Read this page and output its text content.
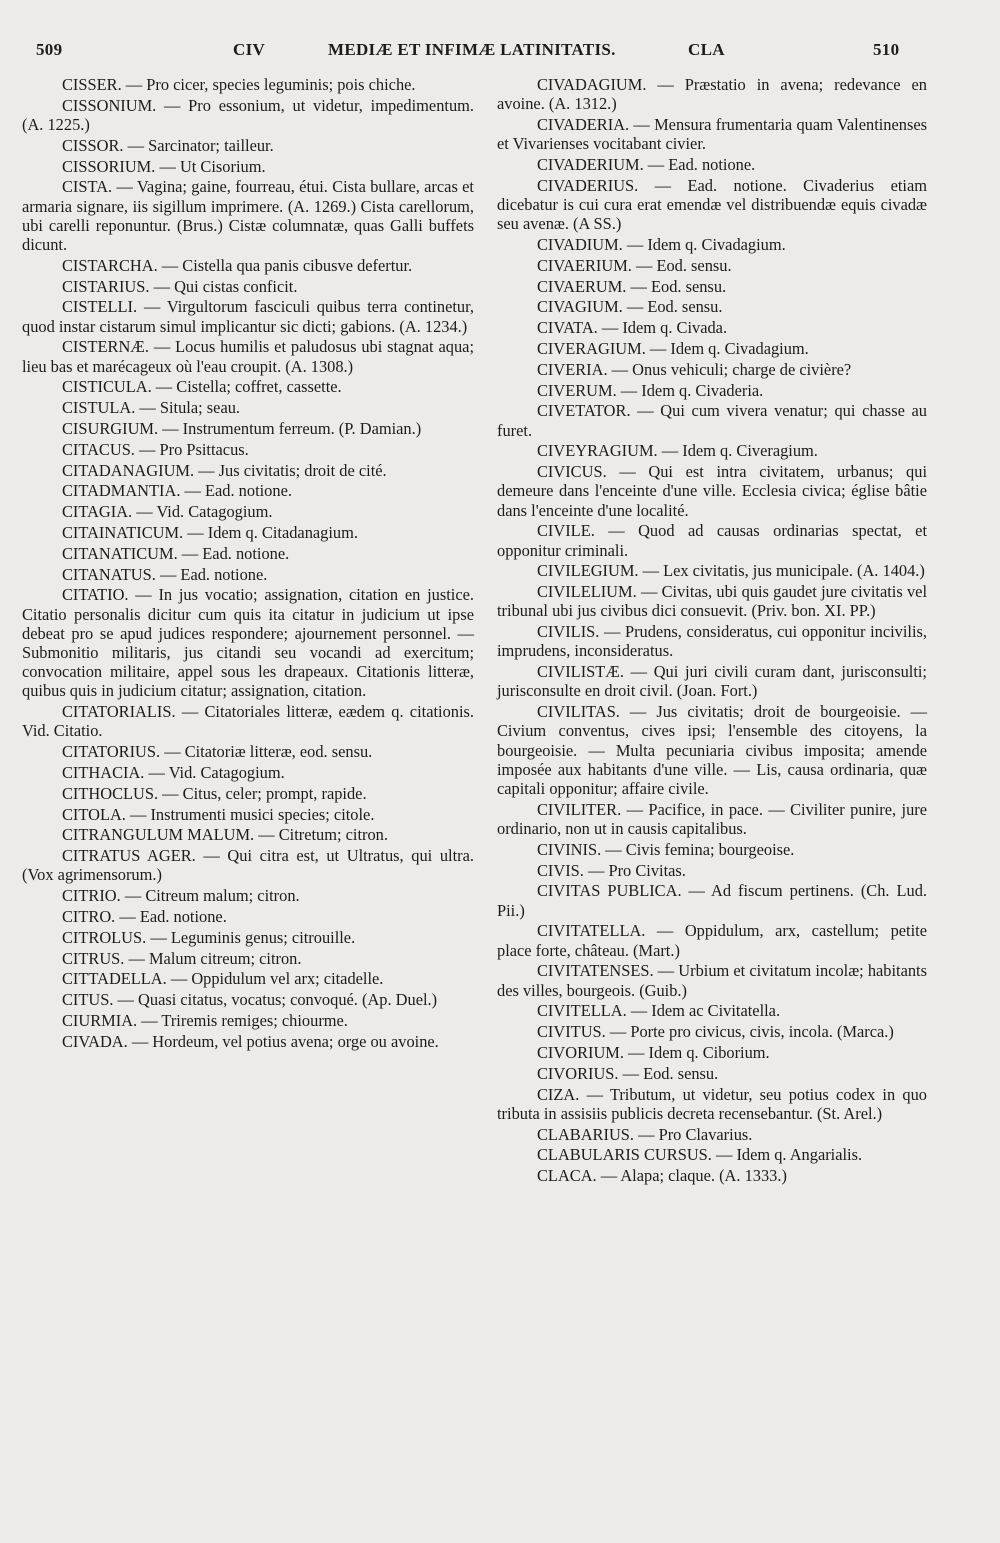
509	CIV	MEDIÆ ET INFIMÆ LATINITATIS.	CLA	510

CISSER. — Pro cicer, species leguminis; pois chiche.

CISSONIUM. — Pro essonium, ut videtur, impedimentum. (A. 1225.)

CISSOR. — Sarcinator; tailleur.

CISSORIUM. — Ut Cisorium.

CISTA. — Vagina; gaine, fourreau, étui. Cista bullare, arcas et armaria signare, iis sigillum imprimere. (A. 1269.) Cista carellorum, ubi carelli reponuntur. (Brus.) Cistæ columnatæ, quas Galli buffets dicunt.

CISTARCHA. — Cistella qua panis cibusve defertur.

CISTARIUS. — Qui cistas conficit.

CISTELLI. — Virgultorum fasciculi quibus terra continetur, quod instar cistarum simul implicantur sic dicti; gabions. (A. 1234.)

CISTERNÆ. — Locus humilis et paludosus ubi stagnat aqua; lieu bas et marécageux où l'eau croupit. (A. 1308.)

CISTICULA. — Cistella; coffret, cassette.

CISTULA. — Situla; seau.

CISURGIUM. — Instrumentum ferreum. (P. Damian.)

CITACUS. — Pro Psittacus.

CITADANAGIUM. — Jus civitatis; droit de cité.

CITADMANTIA. — Ead. notione.

CITAGIA. — Vid. Catagogium.

CITAINATICUM. — Idem q. Citadanagium.

CITANATICUM. — Ead. notione.

CITANATUS. — Ead. notione.

CITATIO. — In jus vocatio; assignation, citation en justice. Citatio personalis dicitur cum quis ita citatur in judicium ut ipse debeat pro se apud judices respondere; ajournement personnel. — Submonitio militaris, jus citandi seu vocandi ad exercitum; convocation militaire, appel sous les drapeaux. Citationis litteræ, quibus quis in judicium citatur; assignation, citation.

CITATORIALIS. — Citatoriales litteræ, eædem q. citationis. Vid. Citatio.

CITATORIUS. — Citatoriæ litteræ, eod. sensu.

CITHACIA. — Vid. Catagogium.

CITHOCLUS. — Citus, celer; prompt, rapide.

CITOLA. — Instrumenti musici species; citole.

CITRANGULUM MALUM. — Citretum; citron.

CITRATUS AGER. — Qui citra est, ut Ultratus, qui ultra. (Vox agrimensorum.)

CITRIO. — Citreum malum; citron.

CITRO. — Ead. notione.

CITROLUS. — Leguminis genus; citrouille.

CITRUS. — Malum citreum; citron.

CITTADELLA. — Oppidulum vel arx; citadelle.

CITUS. — Quasi citatus, vocatus; convoqué. (Ap. Duel.)

CIURMIA. — Triremis remiges; chiourme.

CIVADA. — Hordeum, vel potius avena; orge ou avoine.

CIVADAGIUM. — Præstatio in avena; redevance en avoine. (A. 1312.)

CIVADERIA. — Mensura frumentaria quam Valentinenses et Vivarienses vocitabant civier.

CIVADERIUM. — Ead. notione.

CIVADERIUS. — Ead. notione. Civaderius etiam dicebatur is cui cura erat emendæ vel distribuendæ equis civadæ seu avenæ. (A SS.)

CIVADIUM. — Idem q. Civadagium.

CIVAERIUM. — Eod. sensu.

CIVAERUM. — Eod. sensu.

CIVAGIUM. — Eod. sensu.

CIVATA. — Idem q. Civada.

CIVERAGIUM. — Idem q. Civadagium.

CIVERIA. — Onus vehiculi; charge de civière?

CIVERUM. — Idem q. Civaderia.

CIVETATOR. — Qui cum vivera venatur; qui chasse au furet.

CIVEYRAGIUM. — Idem q. Civeragium.

CIVICUS. — Qui est intra civitatem, urbanus; qui demeure dans l'enceinte d'une ville. Ecclesia civica; église bâtie dans l'enceinte d'une localité.

CIVILE. — Quod ad causas ordinarias spectat, et opponitur criminali.

CIVILEGIUM. — Lex civitatis, jus municipale. (A. 1404.)

CIVILELIUM. — Civitas, ubi quis gaudet jure civitatis vel tribunal ubi jus civibus dici consuevit. (Priv. bon. XI. PP.)

CIVILIS. — Prudens, consideratus, cui opponitur incivilis, imprudens, inconsideratus.

CIVILISTÆ. — Qui juri civili curam dant, jurisconsulti; jurisconsulte en droit civil. (Joan. Fort.)

CIVILITAS. — Jus civitatis; droit de bourgeoisie. — Civium conventus, cives ipsi; l'ensemble des citoyens, la bourgeoisie. — Multa pecuniaria civibus imposita; amende imposée aux habitants d'une ville. — Lis, causa ordinaria, quæ capitali opponitur; affaire civile.

CIVILITER. — Pacifice, in pace. — Civiliter punire, jure ordinario, non ut in causis capitalibus.

CIVINIS. — Civis femina; bourgeoise.

CIVIS. — Pro Civitas.

CIVITAS PUBLICA. — Ad fiscum pertinens. (Ch. Lud. Pii.)

CIVITATELLA. — Oppidulum, arx, castellum; petite place forte, château. (Mart.)

CIVITATENSES. — Urbium et civitatum incolæ; habitants des villes, bourgeois. (Guib.)

CIVITELLA. — Idem ac Civitatella.

CIVITUS. — Porte pro civicus, civis, incola. (Marca.)

CIVORIUM. — Idem q. Ciborium.

CIVORIUS. — Eod. sensu.

CIZA. — Tributum, ut videtur, seu potius codex in quo tributa in assisiis publicis decreta recensebantur. (St. Arel.)

CLABARIUS. — Pro Clavarius.

CLABULARIS CURSUS. — Idem q. Angarialis.

CLACA. — Alapa; claque. (A. 1333.)
